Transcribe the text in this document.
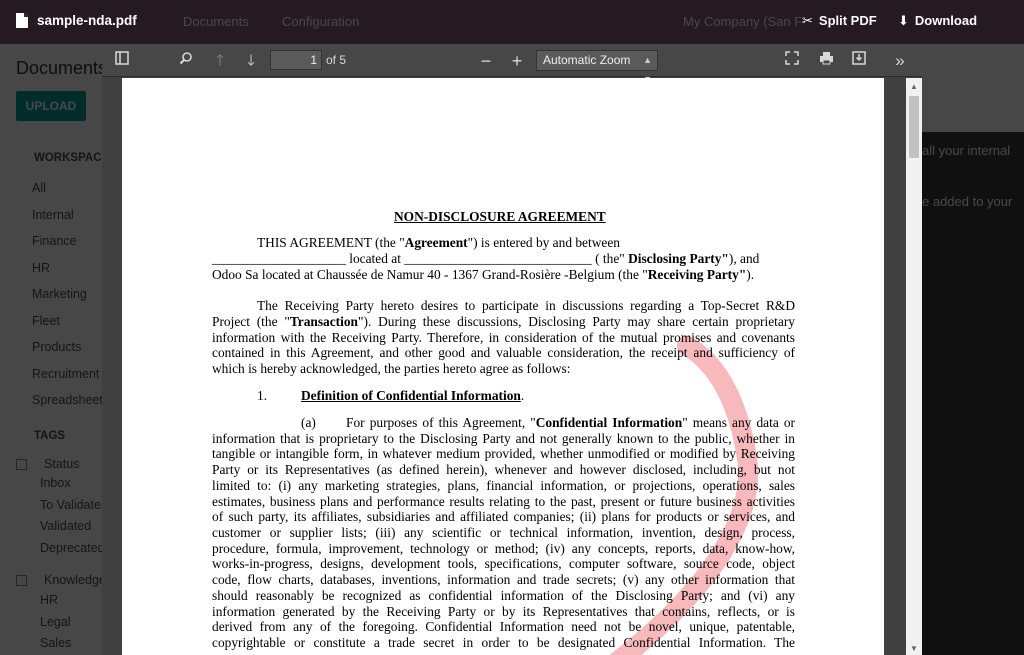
sample-nda.pdf	✂ Split PDF ⬇ Download
🡑	🡓
1	of 5	−	+	Automatic Zoom ▲	»
NON-DISCLOSURE AGREEMENT
THIS AGREEMENT (the "Agreement") is entered by and between
____________________ located at ____________________________ ( the" Disclosing Party"), and
Odoo Sa located at Chaussée de Namur 40 - 1367 Grand-Rosière -Belgium (the "Receiving Party").
The Receiving Party hereto desires to participate in discussions regarding a Top-Secret R&D
Project (the "Transaction"). During these discussions, Disclosing Party may share certain proprietary
information with the Receiving Party. Therefore, in consideration of the mutual promises and covenants
contained in this Agreement, and other good and valuable consideration, the receipt and sufficiency of
which is hereby acknowledged, the parties hereto agree as follows:
1.	Definition of Confidential Information.
(a) For purposes of this Agreement, "Confidential Information" means any data or
information that is proprietary to the Disclosing Party and not generally known to the public, whether in
tangible or intangible form, in whatever medium provided, whether unmodified or modified by Receiving
Party or its Representatives (as defined herein), whenever and however disclosed, including, but not
limited to: (i) any marketing strategies, plans, financial information, or projections, operations, sales
estimates, business plans and performance results relating to the past, present or future business activities
of such party, its affiliates, subsidiaries and affiliated companies; (ii) plans for products or services, and
customer or supplier lists; (iii) any scientific or technical information, invention, design, process,
procedure, formula, improvement, technology or method; (iv) any concepts, reports, data, know-how,
works-in-progress, designs, development tools, specifications, computer software, source code, object
code, flow charts, databases, inventions, information and trade secrets; (v) any other information that
should reasonably be recognized as confidential information of the Disclosing Party; and (vi) any
information generated by the Receiving Party or by its Representatives that contains, reflects, or is
derived from any of the foregoing. Confidential Information need not be novel, unique, patentable,
copyrightable or constitute a trade secret in order to be designated Confidential Information. The
▲
▼
